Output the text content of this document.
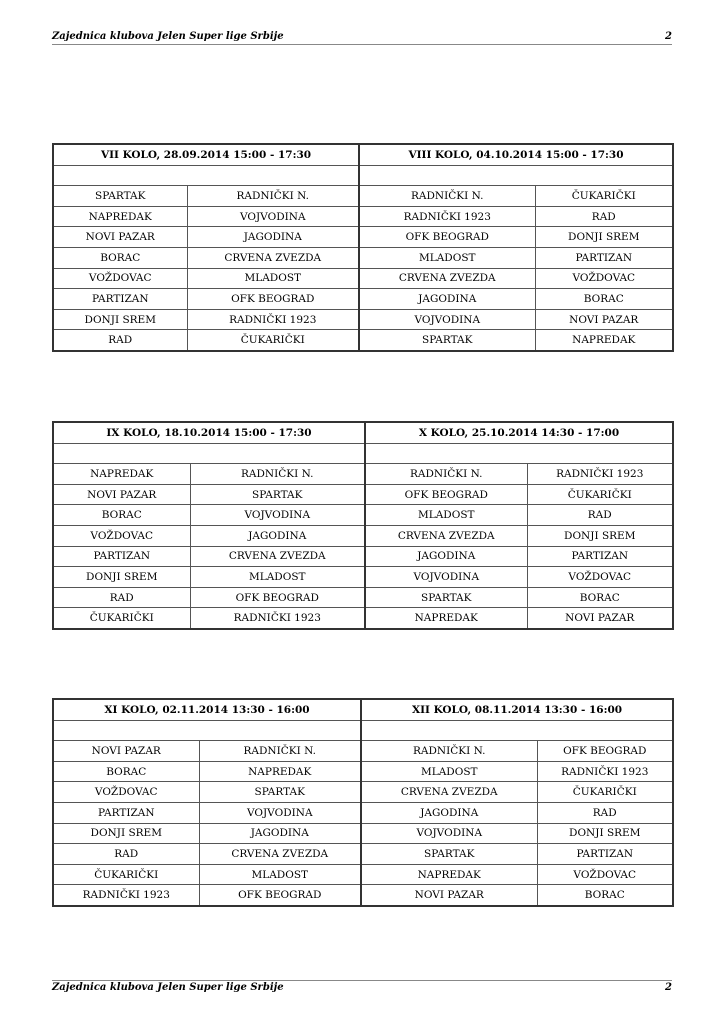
Zajednica klubova Jelen Super lige Srbije	2
VII KOLO, 28.09.2014 15:00 - 17:30		VIII KOLO, 04.10.2014 15:00 - 17:30	

SPARTAK	RADNIČKI N.	RADNIČKI N.	ČUKARIČKI
NAPREDAK	VOJVODINA	RADNIČKI 1923	RAD
NOVI PAZAR	JAGODINA	OFK BEOGRAD	DONJI SREM
BORAC	CRVENA ZVEZDA	MLADOST	PARTIZAN
VOŽDOVAC	MLADOST	CRVENA ZVEZDA	VOŽDOVAC
PARTIZAN	OFK BEOGRAD	JAGODINA	BORAC
DONJI SREM	RADNIČKI 1923	VOJVODINA	NOVI PAZAR
RAD	ČUKARIČKI	SPARTAK	NAPREDAK
IX KOLO, 18.10.2014 15:00 - 17:30		X KOLO, 25.10.2014 14:30 - 17:00	

NAPREDAK	RADNIČKI N.	RADNIČKI N.	RADNIČKI 1923
NOVI PAZAR	SPARTAK	OFK BEOGRAD	ČUKARIČKI
BORAC	VOJVODINA	MLADOST	RAD
VOŽDOVAC	JAGODINA	CRVENA ZVEZDA	DONJI SREM
PARTIZAN	CRVENA ZVEZDA	JAGODINA	PARTIZAN
DONJI SREM	MLADOST	VOJVODINA	VOŽDOVAC
RAD	OFK BEOGRAD	SPARTAK	BORAC
ČUKARIČKI	RADNIČKI 1923	NAPREDAK	NOVI PAZAR
XI KOLO, 02.11.2014 13:30 - 16:00		XII KOLO, 08.11.2014 13:30 - 16:00	

NOVI PAZAR	RADNIČKI N.	RADNIČKI N.	OFK BEOGRAD
BORAC	NAPREDAK	MLADOST	RADNIČKI 1923
VOŽDOVAC	SPARTAK	CRVENA ZVEZDA	ČUKARIČKI
PARTIZAN	VOJVODINA	JAGODINA	RAD
DONJI SREM	JAGODINA	VOJVODINA	DONJI SREM
RAD	CRVENA ZVEZDA	SPARTAK	PARTIZAN
ČUKARIČKI	MLADOST	NAPREDAK	VOŽDOVAC
RADNIČKI 1923	OFK BEOGRAD	NOVI PAZAR	BORAC
Zajednica klubova Jelen Super lige Srbije	2
